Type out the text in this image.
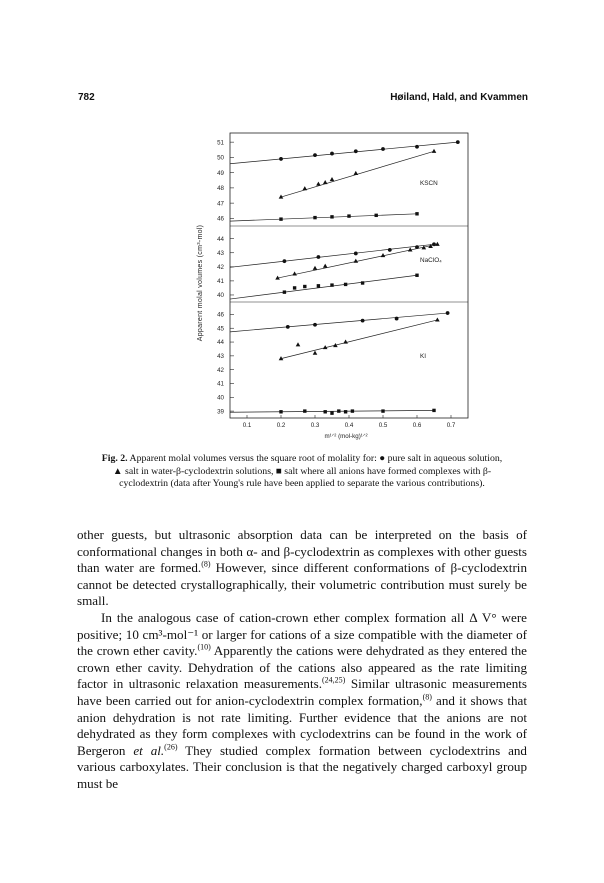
782	Høiland, Hald, and Kvammen
0.1	0.2	0.3	0.4	0.5	0.6	0.7
51
50
49
48
47
46
KSCN
44
43
42
41
40
NaClO₄
46
45
44
43
42
41
40
39
KI
Apparent molal volumes (cm³-mol)
m¹ᐟ² (mol-kg)¹ᐟ²
Fig. 2. Apparent molal volumes versus the square root of molality for: ● pure salt in aqueous solution, ▲ salt in water-β-cyclodextrin solutions, ■ salt where all anions have formed complexes with β-cyclodextrin (data after Young's rule have been applied to separate the various contributions).

other guests, but ultrasonic absorption data can be interpreted on the basis of conformational changes in both α- and β-cyclodextrin as complexes with other guests than water are formed.$^{(8)}$ However, since different conformations of β-cyclodextrin cannot be detected crystallographically, their volumetric contribution must surely be small.

In the analogous case of cation-crown ether complex formation all Δ V° were positive; 10 cm³-mol⁻¹ or larger for cations of a size compatible with the diameter of the crown ether cavity.$^{(10)}$ Apparently the cations were dehydrated as they entered the crown ether cavity. Dehydration of the cations also appeared as the rate limiting factor in ultrasonic relaxation measurements.$^{(24,25)}$ Similar ultrasonic measurements have been carried out for anion-cyclodextrin complex formation,$^{(8)}$ and it shows that anion dehydration is not rate limiting. Further evidence that the anions are not dehydrated as they form complexes with cyclodextrins can be found in the work of Bergeron et al.$^{(26)}$ They studied complex formation between cyclodextrins and various carboxylates. Their conclusion is that the negatively charged carboxyl group must be
